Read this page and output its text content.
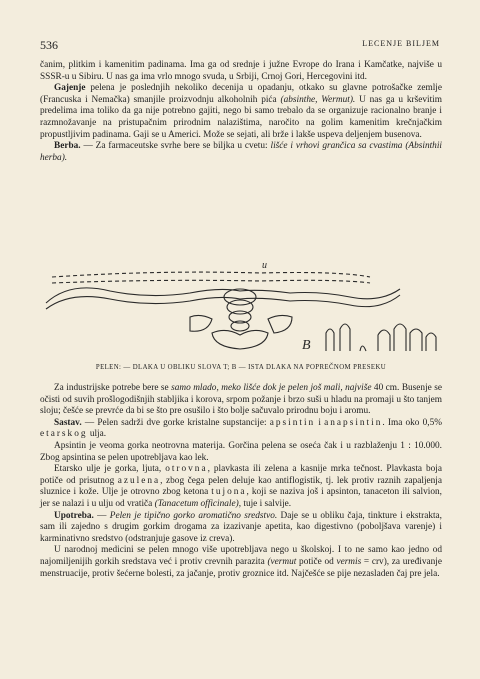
536	LECENJE BILJEM

čanim, plitkim i kamenitim padinama. Ima ga od srednje i južne Evrope do Irana i Kamčatke, najviše u SSSR-u u Sibiru. U nas ga ima vrlo mnogo svuda, u Srbiji, Crnoj Gori, Hercegovini itd.

Gajenje pelena je poslednjih nekoliko decenija u opadanju, otkako su glavne potrošačke zemlje (Francuska i Nemačka) smanjile proizvodnju alkoholnih pića (absinthe, Wermut). U nas ga u krševitim predelima ima toliko da ga nije potrebno gajiti, nego bi samo trebalo da se organizuje racionalno branje i razmnožavanje na pristupačnim prirodnim nalazištima, naročito na golim kamenitim krečnjačkim propustljivim padinama. Gaji se u Americi. Može se sejati, ali brže i lakše uspeva deljenjem busenova.

Berba. — Za farmaceutske svrhe bere se biljka u cvetu: lišće i vrhovi grančica sa cvastima (Absinthii herba).

u
B
PELEN: — DLAKA U OBLIKU SLOVA T; B — ISTA DLAKA NA POPREČNOM PRESEKU

Za industrijske potrebe bere se samo mlado, meko lišće dok je pelen još mali, najviše 40 cm. Busenje se očisti od suvih prošlogodišnjih stabljika i korova, srpom požanje i brzo suši u hladu na promaji u što tanjem sloju; češće se prevrće da bi se što pre osušilo i što bolje sačuvalo prirodnu boju i aromu.

Sastav. — Pelen sadrži dve gorke kristalne supstancije: apsintin i anapsintin. Ima oko 0,5% etarskog ulja.

Apsintin je veoma gorka neotrovna materija. Gorčina pelena se oseća čak i u razblaženju 1 : 10.000. Zbog apsintina se pelen upotrebljava kao lek.

Etarsko ulje je gorka, ljuta, otrovna, plavkasta ili zelena a kasnije mrka tečnost. Plavkasta boja potiče od prisutnog azulena, zbog čega pelen deluje kao antiflogistik, tj. lek protiv raznih zapaljenja sluznice i kože. Ulje je otrovno zbog ketona tujona, koji se naziva još i apsinton, tanaceton ili salvion, jer se nalazi i u ulju od vratiča (Tanacetum officinale), tuje i salvije.

Upotreba. — Pelen je tipično gorko aromatično sredstvo. Daje se u obliku čaja, tinkture i ekstrakta, sam ili zajedno s drugim gorkim drogama za izazivanje apetita, kao digestivno (poboljšava varenje) i karminativno sredstvo (odstranjuje gasove iz creva).

U narodnoj medicini se pelen mnogo više upotrebljava nego u školskoj. I to ne samo kao jedno od najomiljenijih gorkih sredstava već i protiv crevnih parazita (vermut potiče od vermis = crv), za uređivanje menstruacije, protiv šećerne bolesti, za jačanje, protiv groznice itd. Najčešće se pije nezasladen čaj pre jela.
